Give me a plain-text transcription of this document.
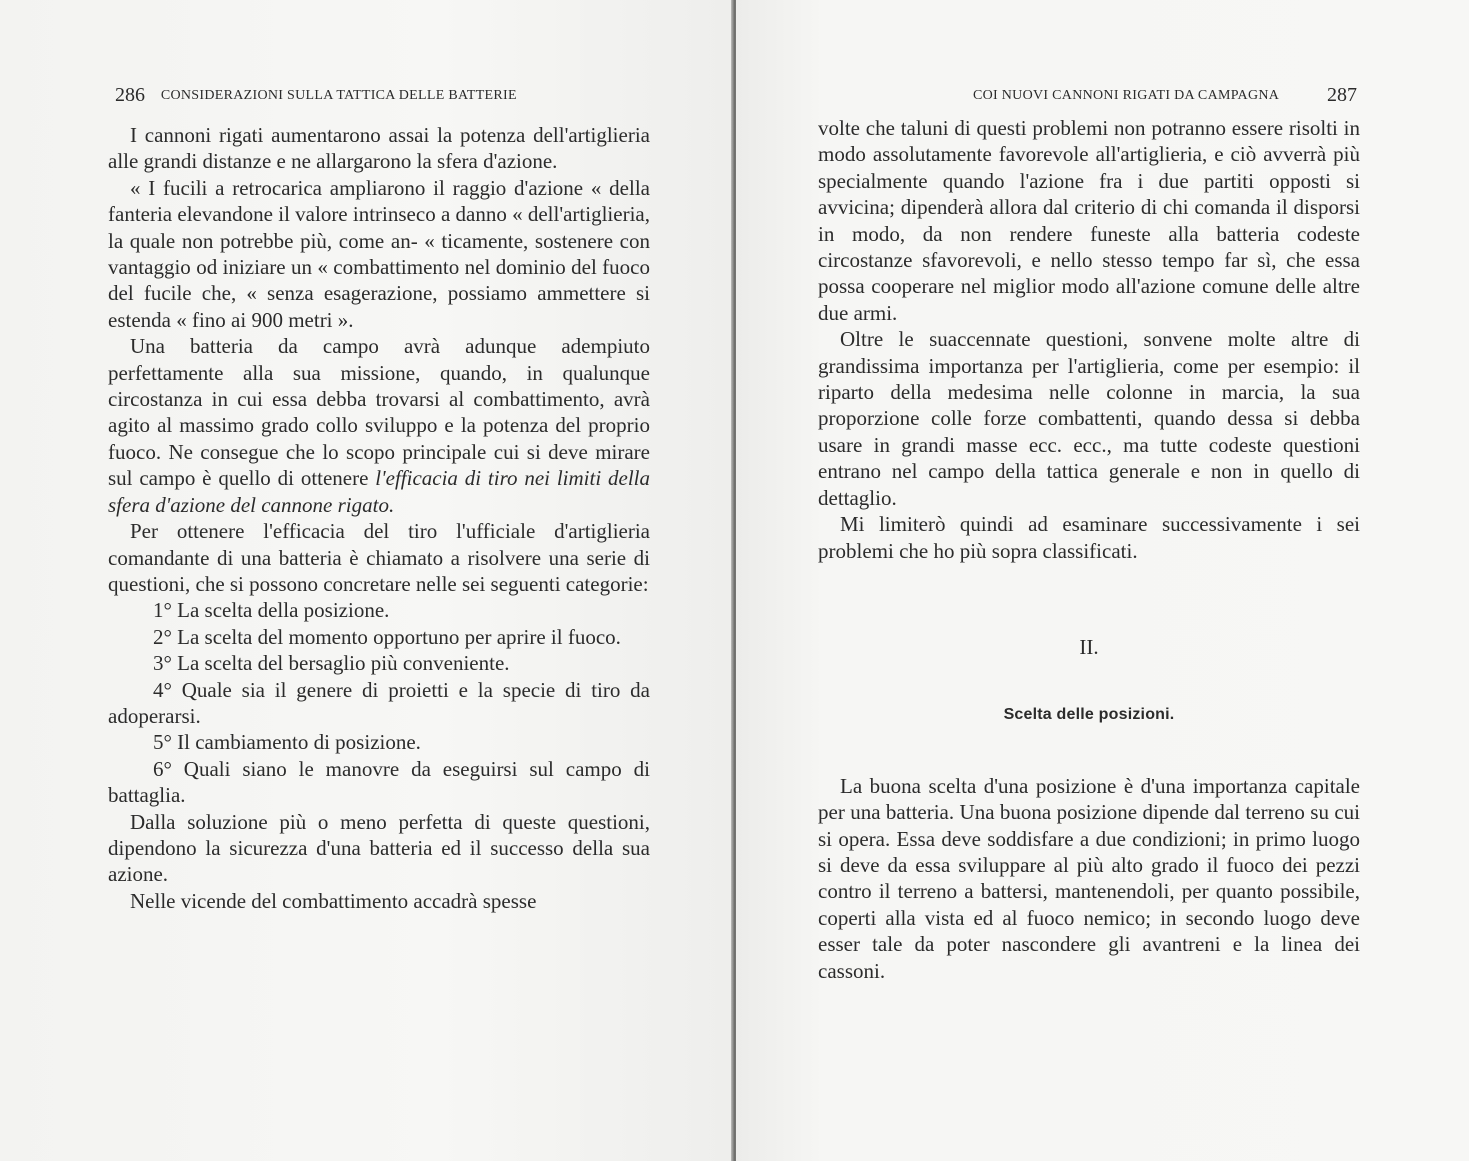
286 CONSIDERAZIONI SULLA TATTICA DELLE BATTERIE

I cannoni rigati aumentarono assai la potenza dell'artiglieria alle grandi distanze e ne allargarono la sfera d'azione.

« I fucili a retrocarica ampliarono il raggio d'azione « della fanteria elevandone il valore intrinseco a danno « dell'artiglieria, la quale non potrebbe più, come an- « ticamente, sostenere con vantaggio od iniziare un « combattimento nel dominio del fuoco del fucile che, « senza esagerazione, possiamo ammettere si estenda « fino ai 900 metri ».

Una batteria da campo avrà adunque adempiuto perfettamente alla sua missione, quando, in qualunque circostanza in cui essa debba trovarsi al combattimento, avrà agito al massimo grado collo sviluppo e la potenza del proprio fuoco. Ne consegue che lo scopo principale cui si deve mirare sul campo è quello di ottenere l'efficacia di tiro nei limiti della sfera d'azione del cannone rigato.

Per ottenere l'efficacia del tiro l'ufficiale d'artiglieria comandante di una batteria è chiamato a risolvere una serie di questioni, che si possono concretare nelle sei seguenti categorie:

1° La scelta della posizione.

2° La scelta del momento opportuno per aprire il fuoco.

3° La scelta del bersaglio più conveniente.

4° Quale sia il genere di proietti e la specie di tiro da adoperarsi.

5° Il cambiamento di posizione.

6° Quali siano le manovre da eseguirsi sul campo di battaglia.

Dalla soluzione più o meno perfetta di queste questioni, dipendono la sicurezza d'una batteria ed il successo della sua azione.

Nelle vicende del combattimento accadrà spesse

COI NUOVI CANNONI RIGATI DA CAMPAGNA 287

volte che taluni di questi problemi non potranno essere risolti in modo assolutamente favorevole all'artiglieria, e ciò avverrà più specialmente quando l'azione fra i due partiti opposti si avvicina; dipenderà allora dal criterio di chi comanda il disporsi in modo, da non rendere funeste alla batteria codeste circostanze sfavorevoli, e nello stesso tempo far sì, che essa possa cooperare nel miglior modo all'azione comune delle altre due armi.

Oltre le suaccennate questioni, sonvene molte altre di grandissima importanza per l'artiglieria, come per esempio: il riparto della medesima nelle colonne in marcia, la sua proporzione colle forze combattenti, quando dessa si debba usare in grandi masse ecc. ecc., ma tutte codeste questioni entrano nel campo della tattica generale e non in quello di dettaglio.

Mi limiterò quindi ad esaminare successivamente i sei problemi che ho più sopra classificati.

II.
Scelta delle posizioni.

La buona scelta d'una posizione è d'una importanza capitale per una batteria. Una buona posizione dipende dal terreno su cui si opera. Essa deve soddisfare a due condizioni; in primo luogo si deve da essa sviluppare al più alto grado il fuoco dei pezzi contro il terreno a battersi, mantenendoli, per quanto possibile, coperti alla vista ed al fuoco nemico; in secondo luogo deve esser tale da poter nascondere gli avantreni e la linea dei cassoni.
